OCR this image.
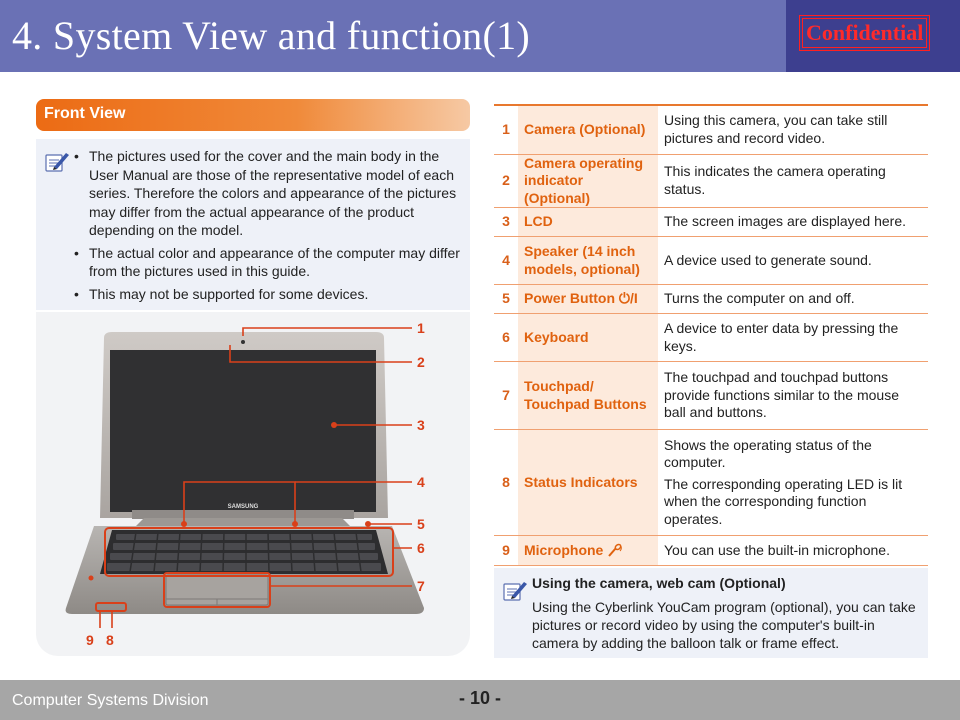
4. System View and function(1)	Confidential
Front View
• The pictures used for the cover and the main body in the User Manual are those of the representative model of each series. Therefore the colors and appearance of the pictures may differ from the actual appearance of the product depending on the model.
• The actual color and appearance of the computer may differ from the pictures used in this guide.
• This may not be supported for some devices.
SAMSUNG
1
2
3
4
5
6
7
9 8
1	Camera (Optional)	Using this camera, you can take still pictures and record video.

2	Camera operating indicator (Optional)	This indicates the camera operating status.

3	LCD	The screen images are displayed here.

4	Speaker (14 inch models, optional)	A device used to generate sound.

5	Power Button ⏻/I	Turns the computer on and off.

6	Keyboard	A device to enter data by pressing the keys.

7	Touchpad/ Touchpad Buttons	The touchpad and touchpad buttons provide functions similar to the mouse ball and buttons.

8	Status Indicators	Shows the operating status of the computer.

The corresponding operating LED is lit when the corresponding function operates.

9	Microphone	You can use the built-in microphone.

Using the camera, web cam (Optional)
Using the Cyberlink YouCam program (optional), you can take pictures or record video by using the computer's built-in camera by adding the balloon talk or frame effect.
Computer Systems Division	- 10 -
